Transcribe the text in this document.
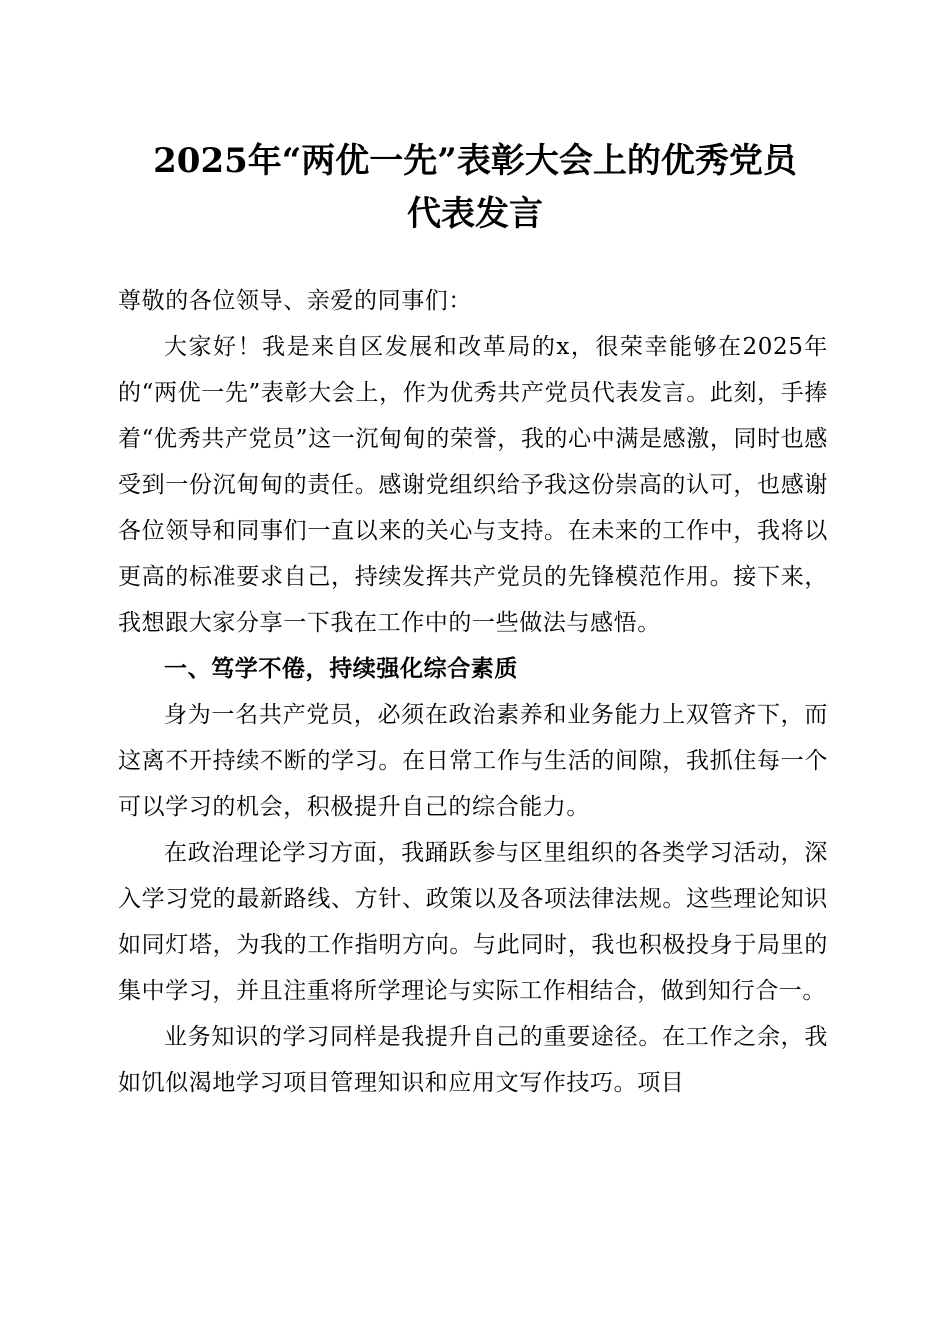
2025年“两优一先”表彰大会上的优秀党员
代表发言

尊敬的各位领导、亲爱的同事们：

大家好！我是来自区发展和改革局的x，很荣幸能够在2025年的“两优一先”表彰大会上，作为优秀共产党员代表发言。此刻，手捧着“优秀共产党员”这一沉甸甸的荣誉，我的心中满是感激，同时也感受到一份沉甸甸的责任。感谢党组织给予我这份崇高的认可，也感谢各位领导和同事们一直以来的关心与支持。在未来的工作中，我将以更高的标准要求自己，持续发挥共产党员的先锋模范作用。接下来，我想跟大家分享一下我在工作中的一些做法与感悟。

一、笃学不倦，持续强化综合素质

身为一名共产党员，必须在政治素养和业务能力上双管齐下，而这离不开持续不断的学习。在日常工作与生活的间隙，我抓住每一个可以学习的机会，积极提升自己的综合能力。

在政治理论学习方面，我踊跃参与区里组织的各类学习活动，深入学习党的最新路线、方针、政策以及各项法律法规。这些理论知识如同灯塔，为我的工作指明方向。与此同时，我也积极投身于局里的集中学习，并且注重将所学理论与实际工作相结合，做到知行合一。

业务知识的学习同样是我提升自己的重要途径。在工作之余，我如饥似渴地学习项目管理知识和应用文写作技巧。项目
